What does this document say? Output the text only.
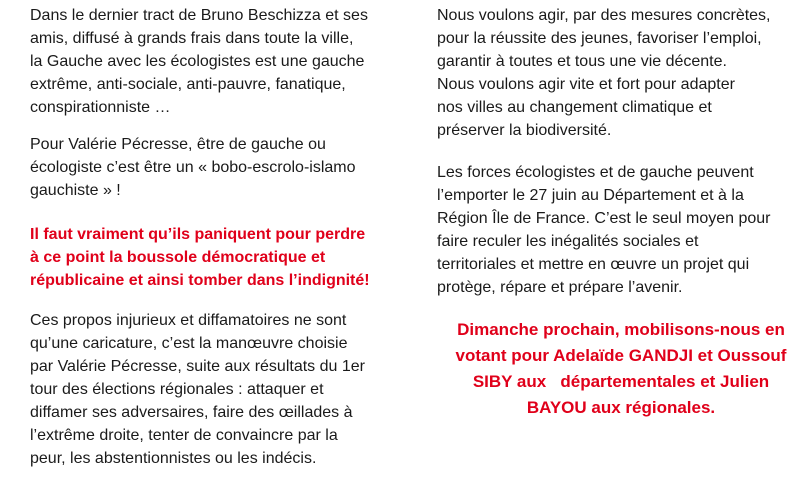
Dans le dernier tract de Bruno Beschizza et ses
amis, diffusé à grands frais dans toute la ville,
la Gauche avec les écologistes est une gauche
extrême, anti-sociale, anti-pauvre, fanatique,
conspirationniste …
Pour Valérie Pécresse, être de gauche ou
écologiste c’est être un « bobo-escrolo-islamo
gauchiste » !
Il faut vraiment qu’ils paniquent pour perdre
à ce point la boussole démocratique et
républicaine et ainsi tomber dans l’indignité!
Ces propos injurieux et diffamatoires ne sont
qu’une caricature, c’est la manœuvre choisie
par Valérie Pécresse, suite aux résultats du 1er
tour des élections régionales : attaquer et
diffamer ses adversaires, faire des œillades à
l’extrême droite, tenter de convaincre par la
peur, les abstentionnistes ou les indécis.
Nous voulons agir, par des mesures concrètes,
pour la réussite des jeunes, favoriser l’emploi,
garantir à toutes et tous une vie décente.
Nous voulons agir vite et fort pour adapter
nos villes au changement climatique et
préserver la biodiversité.
Les forces écologistes et de gauche peuvent
l’emporter le 27 juin au Département et à la
Région Île de France. C’est le seul moyen pour
faire reculer les inégalités sociales et
territoriales et mettre en œuvre un projet qui
protège, répare et prépare l’avenir.
Dimanche prochain, mobilisons-nous en
votant pour Adelaïde GANDJI et Oussouf
SIBY aux   départementales et Julien
BAYOU aux régionales.
